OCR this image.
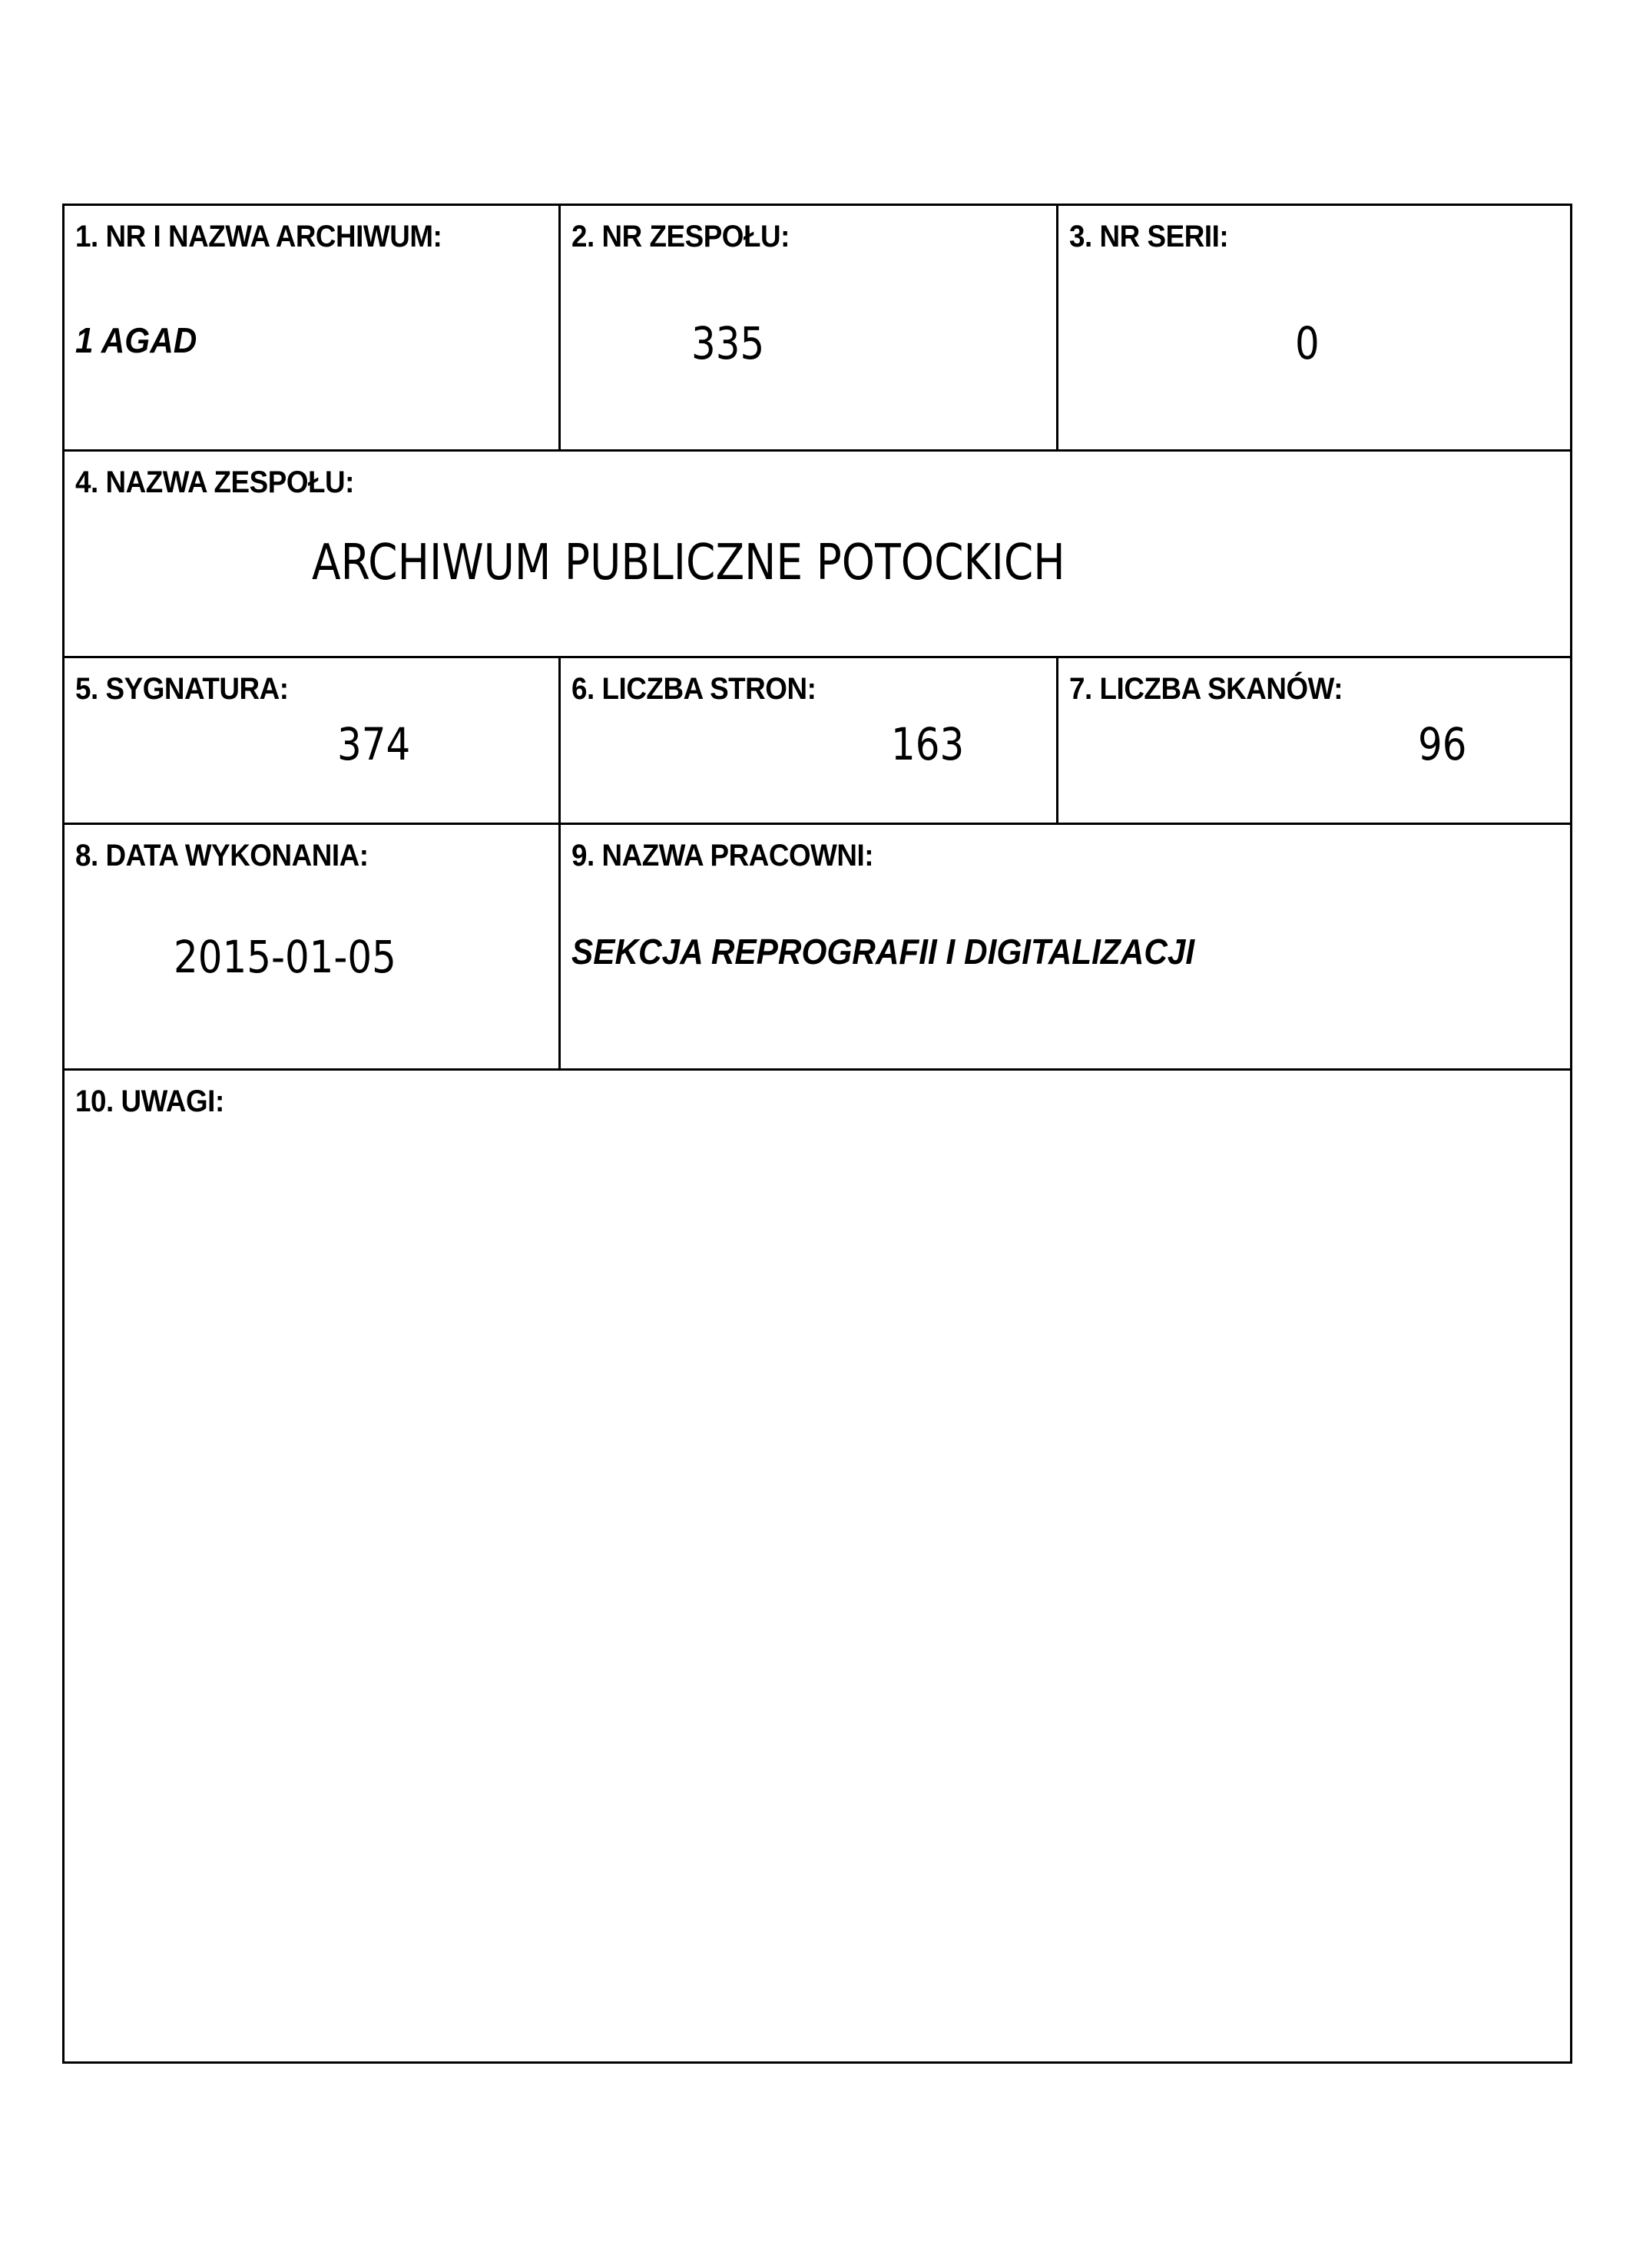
1. NR I NAZWA ARCHIWUM:
1 AGAD
2. NR ZESPOŁU:
335
3. NR SERII:
0
4. NAZWA ZESPOŁU:
ARCHIWUM PUBLICZNE POTOCKICH
5. SYGNATURA:
374
6. LICZBA STRON:
163
7. LICZBA SKANÓW:
96
8. DATA WYKONANIA:
2015-01-05
9. NAZWA PRACOWNI:
SEKCJA REPROGRAFII I DIGITALIZACJI
10. UWAGI:
